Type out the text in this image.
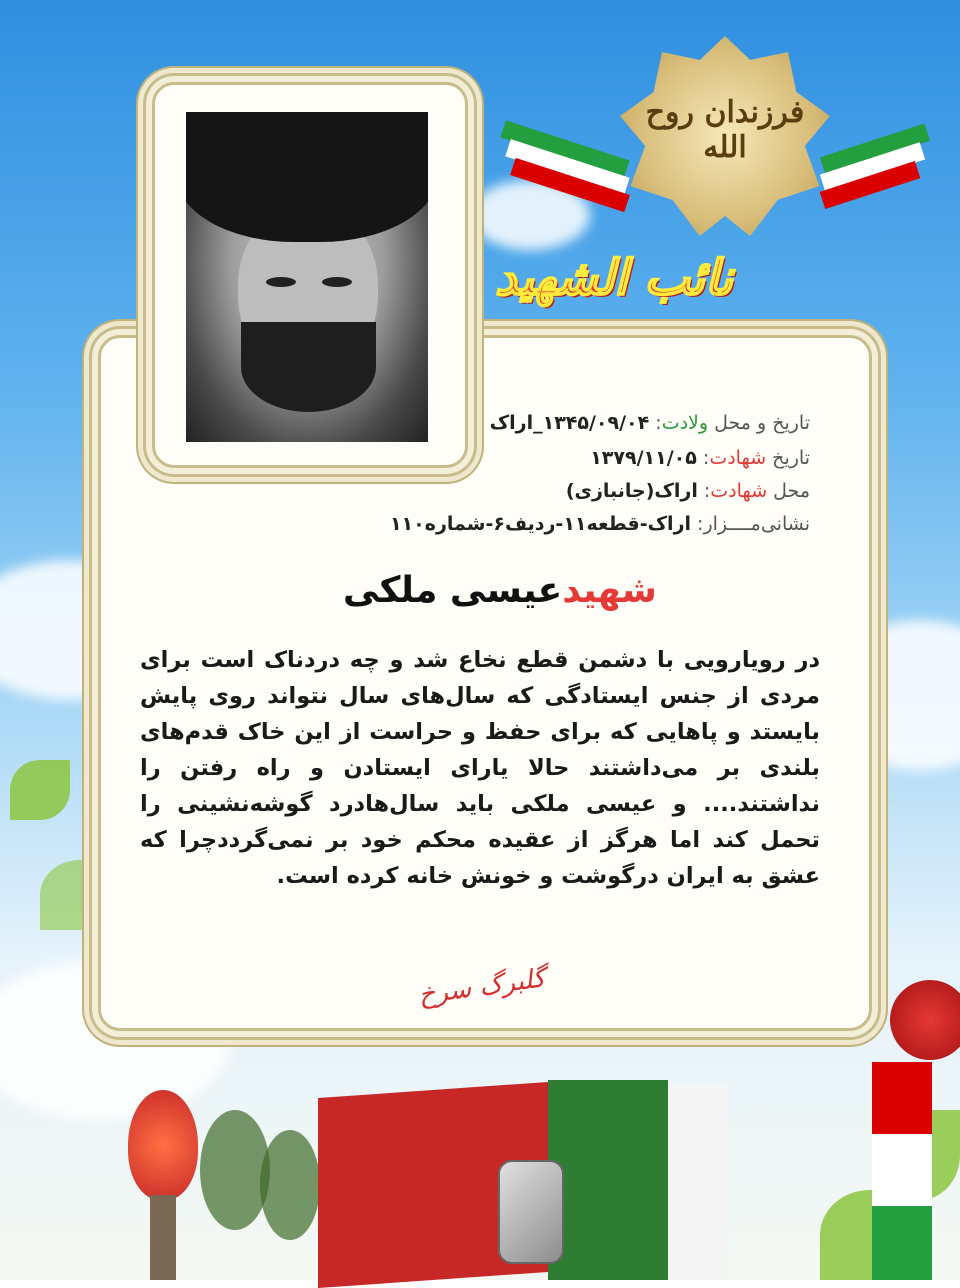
فرزندان روح الله
نائب الشهید
تاریخ و محل ولادت: ۱۳۴۵/۰۹/۰۴_اراک
تاریخ شهادت: ۱۳۷۹/۱۱/۰۵
محل شهادت: اراک(جانبازی)
نشانی‌مــــزار: اراک-قطعه۱۱-ردیف۶-شماره۱۱۰
شهیدعیسی ملکی
در رویارویی با دشمن قطع نخاع شد و چه دردناک است برای مردی از جنس ایستادگی که سال‌های سال نتواند روی پایش بایستد و پاهایی که برای حفظ و حراست از این خاک قدم‌های بلندی بر می‌داشتند حالا یارای ایستادن و راه رفتن را نداشتند.... و عیسی ملکی باید سال‌هادرد گوشه‌نشینی را تحمل کند اما هرگز از عقیده محکم خود بر نمی‌گرددچرا که عشق به ایران درگوشت و خونش خانه کرده است.
گلبرگ سرخ
